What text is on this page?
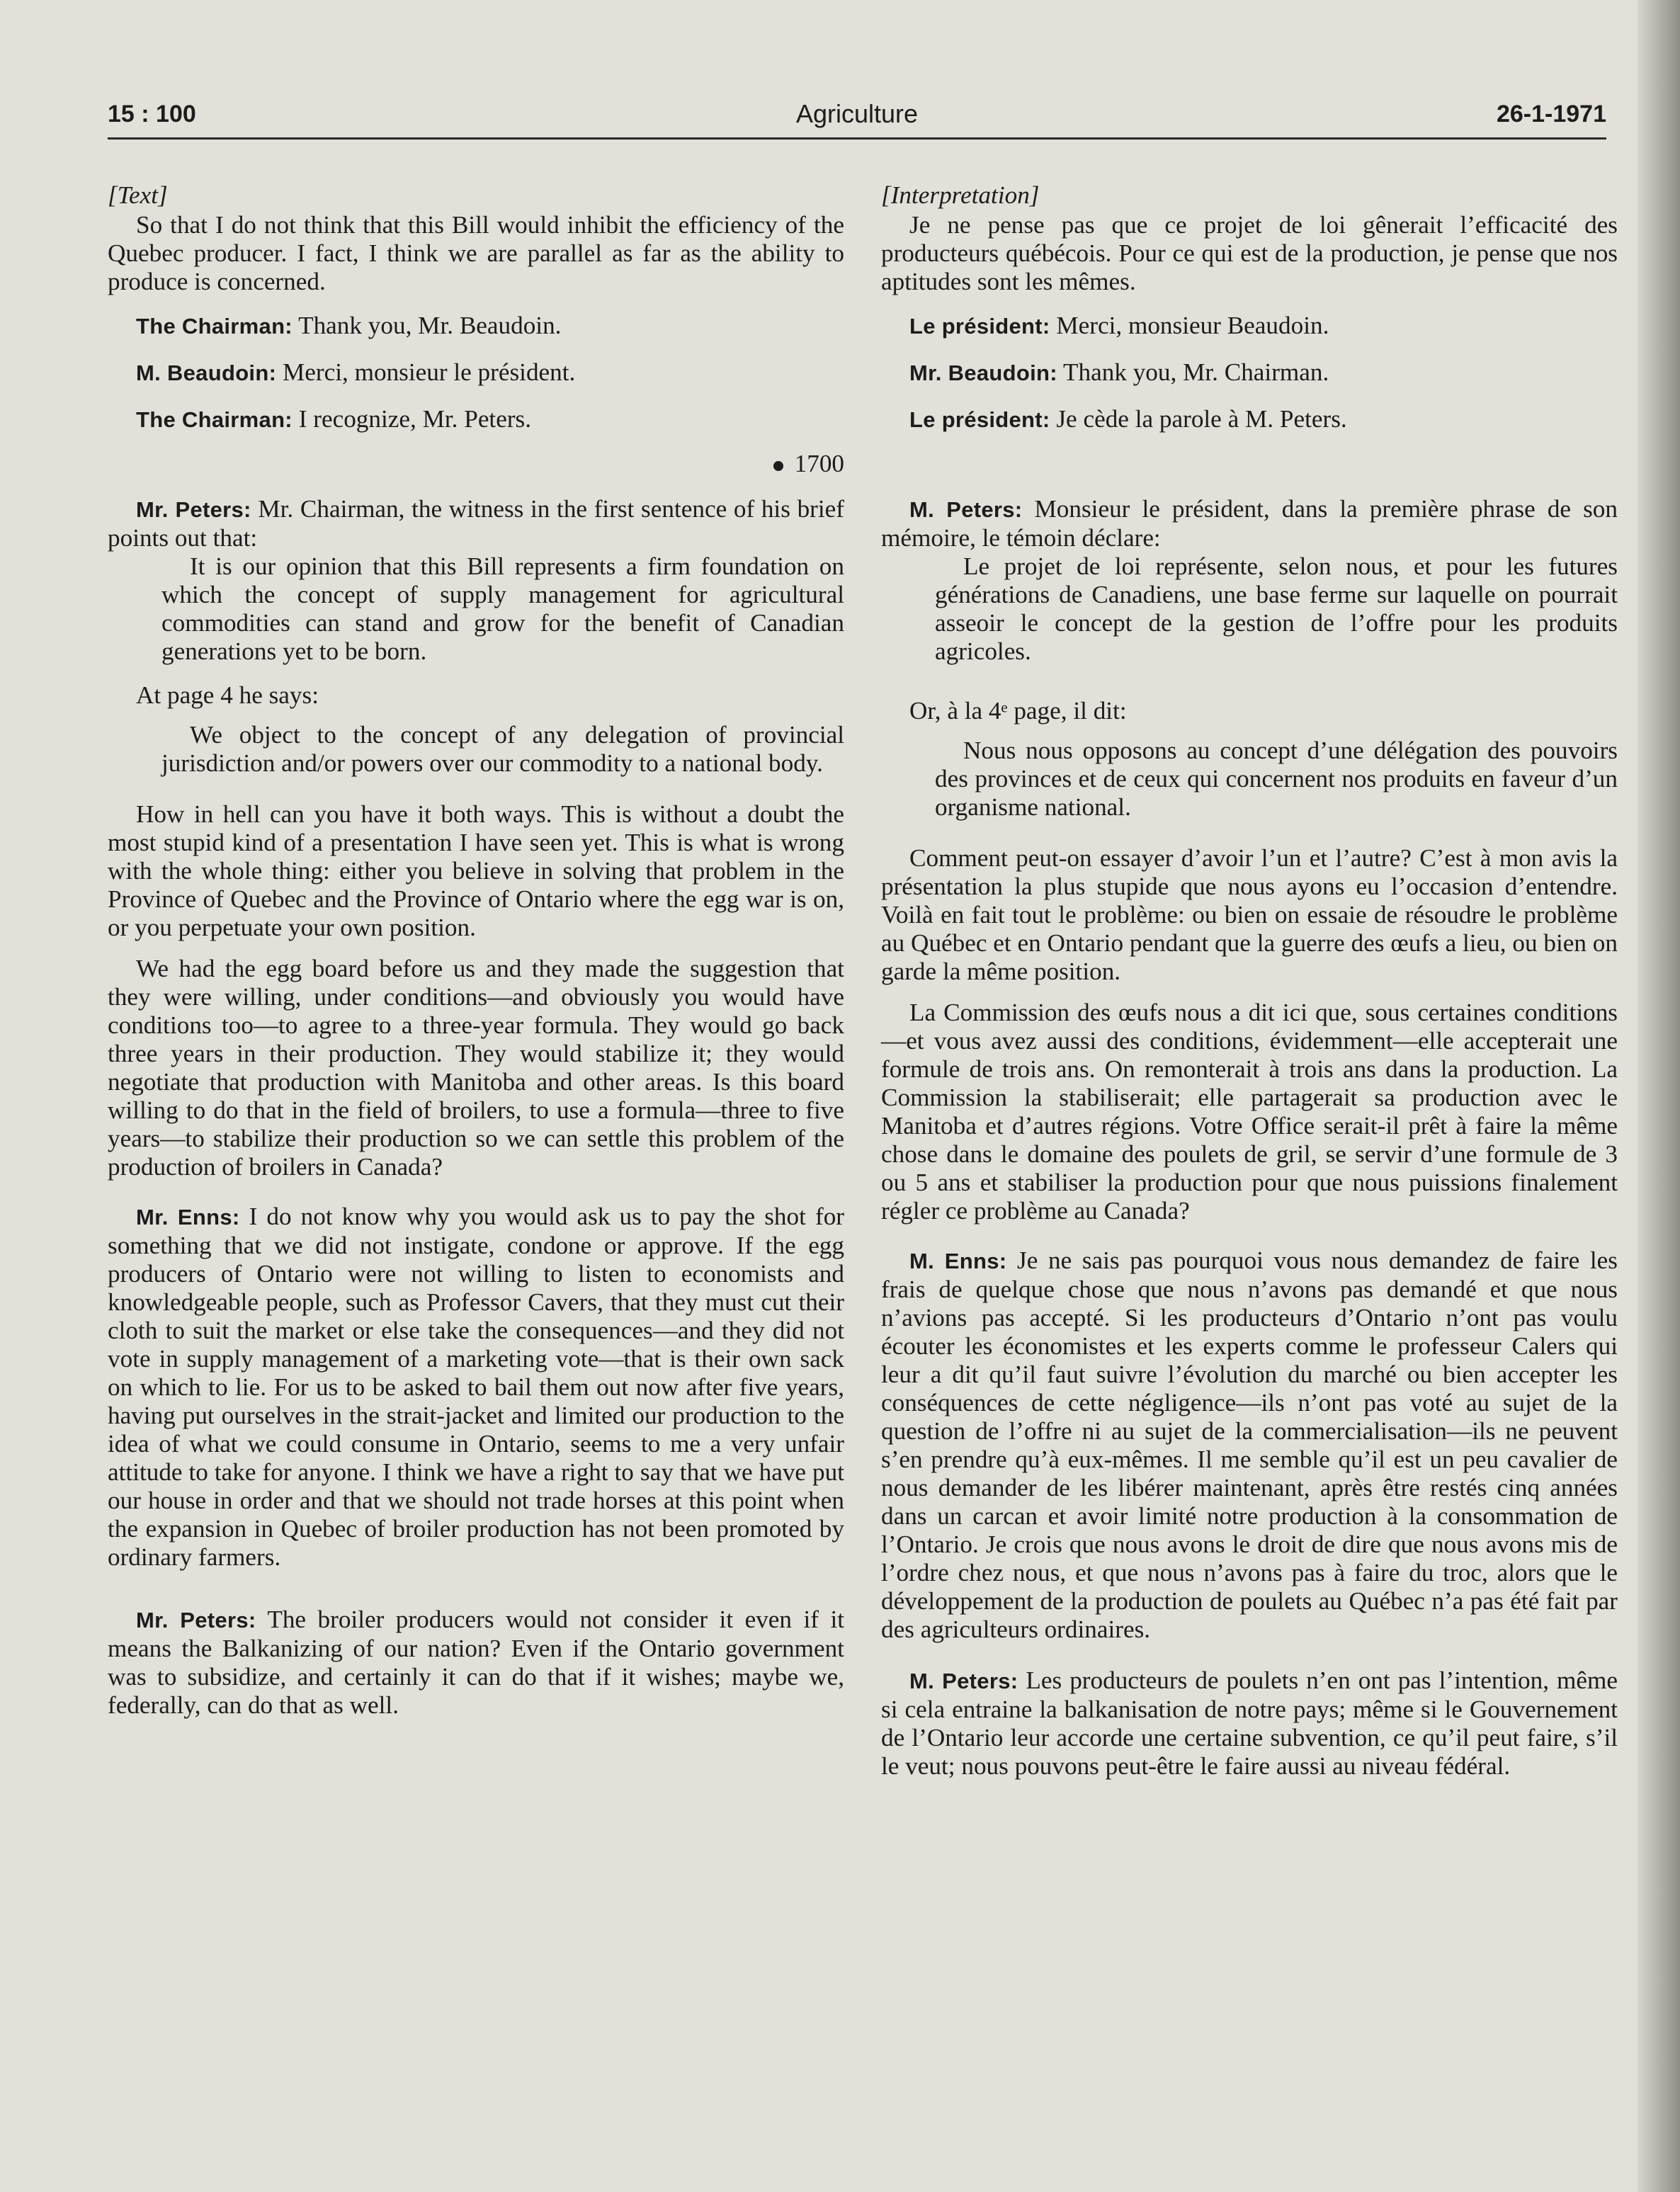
15 : 100	Agriculture	26-1-1971

[Text]

So that I do not think that this Bill would inhibit the efficiency of the Quebec producer. I fact, I think we are parallel as far as the ability to produce is concerned.

The Chairman: Thank you, Mr. Beaudoin.

M. Beaudoin: Merci, monsieur le président.

The Chairman: I recognize, Mr. Peters.

1700

Mr. Peters: Mr. Chairman, the witness in the first sentence of his brief points out that:

It is our opinion that this Bill represents a firm foundation on which the concept of supply management for agricultural commodities can stand and grow for the benefit of Canadian generations yet to be born.

At page 4 he says:

We object to the concept of any delegation of provincial jurisdiction and/or powers over our commodity to a national body.

How in hell can you have it both ways. This is without a doubt the most stupid kind of a presentation I have seen yet. This is what is wrong with the whole thing: either you believe in solving that problem in the Province of Quebec and the Province of Ontario where the egg war is on, or you perpetuate your own position.

We had the egg board before us and they made the suggestion that they were willing, under conditions—and obviously you would have conditions too—to agree to a three-year formula. They would go back three years in their production. They would stabilize it; they would negotiate that production with Manitoba and other areas. Is this board willing to do that in the field of broilers, to use a formula—three to five years—to stabilize their production so we can settle this problem of the production of broilers in Canada?

Mr. Enns: I do not know why you would ask us to pay the shot for something that we did not instigate, condone or approve. If the egg producers of Ontario were not willing to listen to economists and knowledgeable people, such as Professor Cavers, that they must cut their cloth to suit the market or else take the consequences—and they did not vote in supply management of a marketing vote—that is their own sack on which to lie. For us to be asked to bail them out now after five years, having put ourselves in the strait-jacket and limited our production to the idea of what we could consume in Ontario, seems to me a very unfair attitude to take for anyone. I think we have a right to say that we have put our house in order and that we should not trade horses at this point when the expansion in Quebec of broiler production has not been promoted by ordinary farmers.

Mr. Peters: The broiler producers would not consider it even if it means the Balkanizing of our nation? Even if the Ontario government was to subsidize, and certainly it can do that if it wishes; maybe we, federally, can do that as well.

[Interpretation]

Je ne pense pas que ce projet de loi gênerait l’efficacité des producteurs québécois. Pour ce qui est de la production, je pense que nos aptitudes sont les mêmes.

Le président: Merci, monsieur Beaudoin.

Mr. Beaudoin: Thank you, Mr. Chairman.

Le président: Je cède la parole à M. Peters.

M. Peters: Monsieur le président, dans la première phrase de son mémoire, le témoin déclare:

Le projet de loi représente, selon nous, et pour les futures générations de Canadiens, une base ferme sur laquelle on pourrait asseoir le concept de la gestion de l’offre pour les produits agricoles.

Or, à la 4ᵉ page, il dit:

Nous nous opposons au concept d’une délégation des pouvoirs des provinces et de ceux qui concernent nos produits en faveur d’un organisme national.

Comment peut-on essayer d’avoir l’un et l’autre? C’est à mon avis la présentation la plus stupide que nous ayons eu l’occasion d’entendre. Voilà en fait tout le problème: ou bien on essaie de résoudre le problème au Québec et en Ontario pendant que la guerre des œufs a lieu, ou bien on garde la même position.

La Commission des œufs nous a dit ici que, sous certaines conditions—et vous avez aussi des conditions, évidemment—elle accepterait une formule de trois ans. On remonterait à trois ans dans la production. La Commission la stabiliserait; elle partagerait sa production avec le Manitoba et d’autres régions. Votre Office serait-il prêt à faire la même chose dans le domaine des poulets de gril, se servir d’une formule de 3 ou 5 ans et stabiliser la production pour que nous puissions finalement régler ce problème au Canada?

M. Enns: Je ne sais pas pourquoi vous nous demandez de faire les frais de quelque chose que nous n’avons pas demandé et que nous n’avions pas accepté. Si les producteurs d’Ontario n’ont pas voulu écouter les économistes et les experts comme le professeur Calers qui leur a dit qu’il faut suivre l’évolution du marché ou bien accepter les conséquences de cette négligence—ils n’ont pas voté au sujet de la question de l’offre ni au sujet de la commercialisation—ils ne peuvent s’en prendre qu’à eux-mêmes. Il me semble qu’il est un peu cavalier de nous demander de les libérer maintenant, après être restés cinq années dans un carcan et avoir limité notre production à la consommation de l’Ontario. Je crois que nous avons le droit de dire que nous avons mis de l’ordre chez nous, et que nous n’avons pas à faire du troc, alors que le développement de la production de poulets au Québec n’a pas été fait par des agriculteurs ordinaires.

M. Peters: Les producteurs de poulets n’en ont pas l’intention, même si cela entraine la balkanisation de notre pays; même si le Gouvernement de l’Ontario leur accorde une certaine subvention, ce qu’il peut faire, s’il le veut; nous pouvons peut-être le faire aussi au niveau fédéral.
